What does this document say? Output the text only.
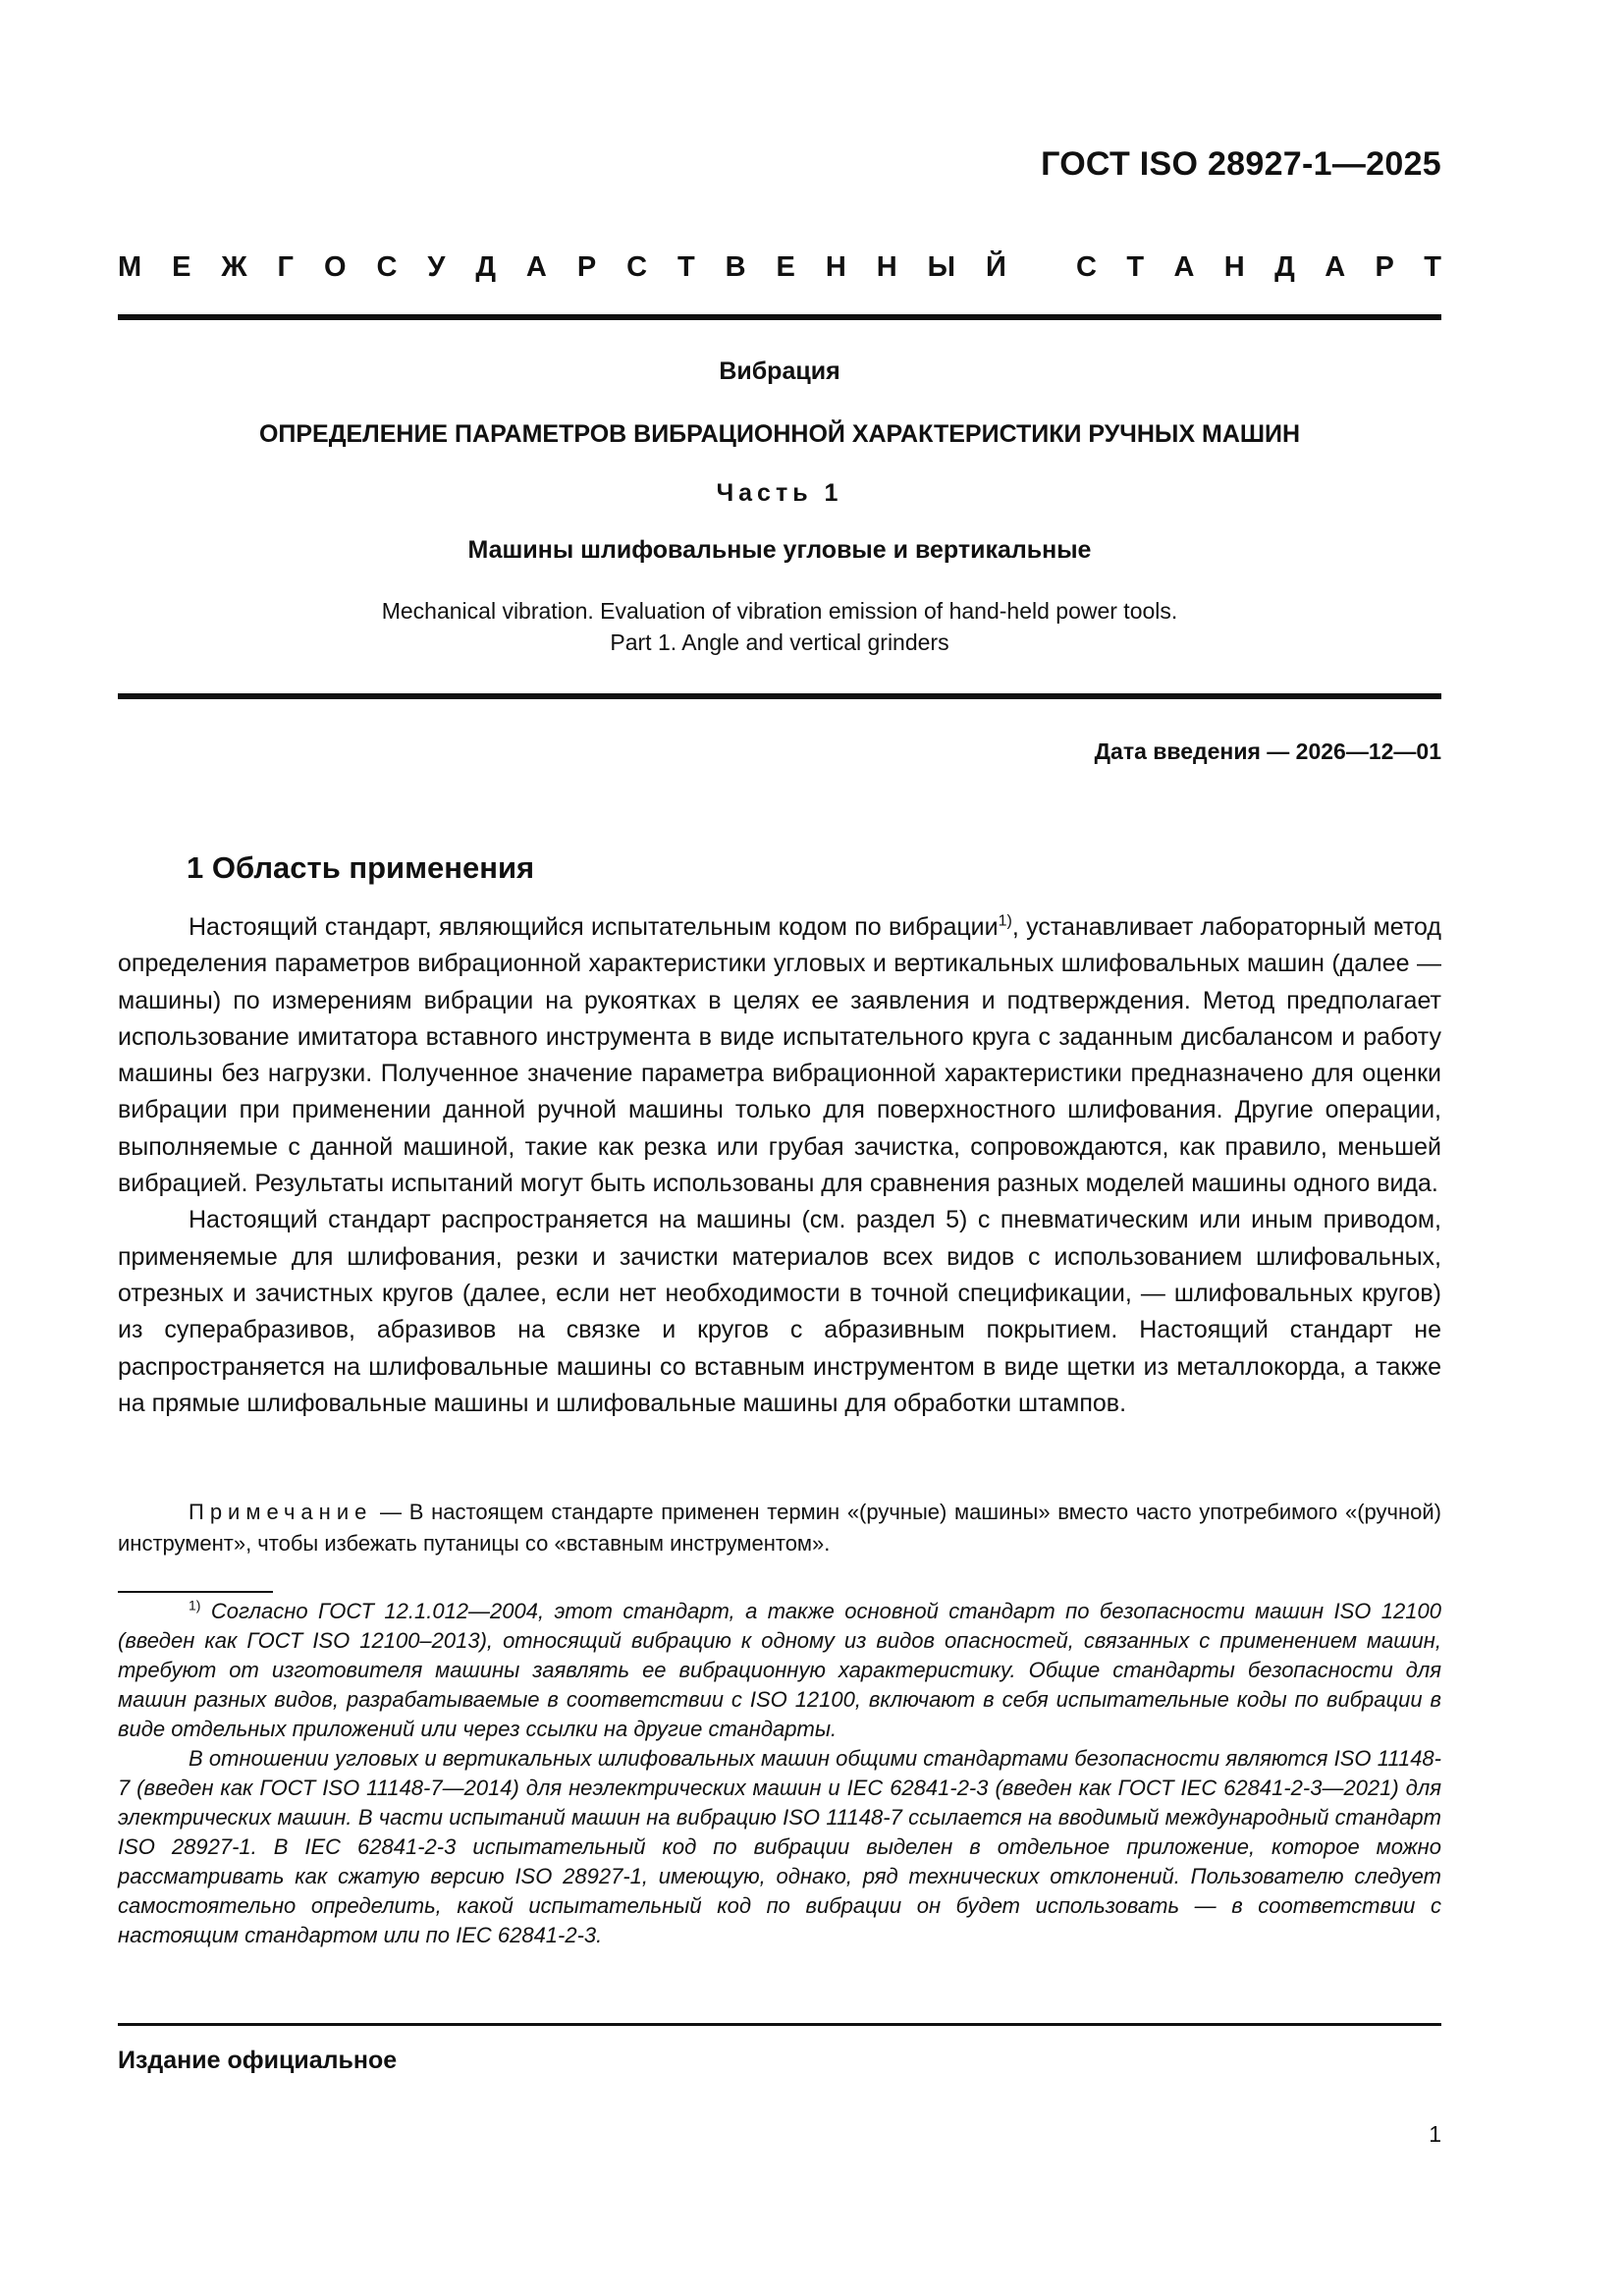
ГОСТ ISO 28927-1—2025
М Е Ж Г О С У Д А Р С Т В Е Н Н Ы Й С Т А Н Д А Р Т
Вибрация
ОПРЕДЕЛЕНИЕ ПАРАМЕТРОВ ВИБРАЦИОННОЙ ХАРАКТЕРИСТИКИ РУЧНЫХ МАШИН
Часть 1
Машины шлифовальные угловые и вертикальные
Mechanical vibration. Evaluation of vibration emission of hand-held power tools.
Part 1. Angle and vertical grinders
Дата введения — 2026—12—01
1 Область применения

Настоящий стандарт, являющийся испытательным кодом по вибрации$^{1)}$, устанавливает лабораторный метод определения параметров вибрационной характеристики угловых и вертикальных шлифовальных машин (далее — машины) по измерениям вибрации на рукоятках в целях ее заявления и подтверждения. Метод предполагает использование имитатора вставного инструмента в виде испытательного круга с заданным дисбалансом и работу машины без нагрузки. Полученное значение параметра вибрационной характеристики предназначено для оценки вибрации при применении данной ручной машины только для поверхностного шлифования. Другие операции, выполняемые с данной машиной, такие как резка или грубая зачистка, сопровождаются, как правило, меньшей вибрацией. Результаты испытаний могут быть использованы для сравнения разных моделей машины одного вида.

Настоящий стандарт распространяется на машины (см. раздел 5) с пневматическим или иным приводом, применяемые для шлифования, резки и зачистки материалов всех видов с использованием шлифовальных, отрезных и зачистных кругов (далее, если нет необходимости в точной спецификации, — шлифовальных кругов) из суперабразивов, абразивов на связке и кругов с абразивным покрытием. Настоящий стандарт не распространяется на шлифовальные машины со вставным инструментом в виде щетки из металлокорда, а также на прямые шлифовальные машины и шлифовальные машины для обработки штампов.

Примечание — В настоящем стандарте применен термин «(ручные) машины» вместо часто употребимого «(ручной) инструмент», чтобы избежать путаницы со «вставным инструментом».

$^{1)}$ Согласно ГОСТ 12.1.012—2004, этот стандарт, а также основной стандарт по безопасности машин ISO 12100 (введен как ГОСТ ISO 12100–2013), относящий вибрацию к одному из видов опасностей, связанных с применением машин, требуют от изготовителя машины заявлять ее вибрационную характеристику. Общие стандарты безопасности для машин разных видов, разрабатываемые в соответствии с ISO 12100, включают в себя испытательные коды по вибрации в виде отдельных приложений или через ссылки на другие стандарты.

В отношении угловых и вертикальных шлифовальных машин общими стандартами безопасности являются ISO 11148-7 (введен как ГОСТ ISO 11148-7—2014) для неэлектрических машин и IEC 62841-2-3 (введен как ГОСТ IEC 62841-2-3—2021) для электрических машин. В части испытаний машин на вибрацию ISO 11148-7 ссылается на вводимый международный стандарт ISO 28927-1. В IEC 62841-2-3 испытательный код по вибрации выделен в отдельное приложение, которое можно рассматривать как сжатую версию ISO 28927-1, имеющую, однако, ряд технических отклонений. Пользователю следует самостоятельно определить, какой испытательный код по вибрации он будет использовать — в соответствии с настоящим стандартом или по IEC 62841-2-3.

Издание официальное
1
